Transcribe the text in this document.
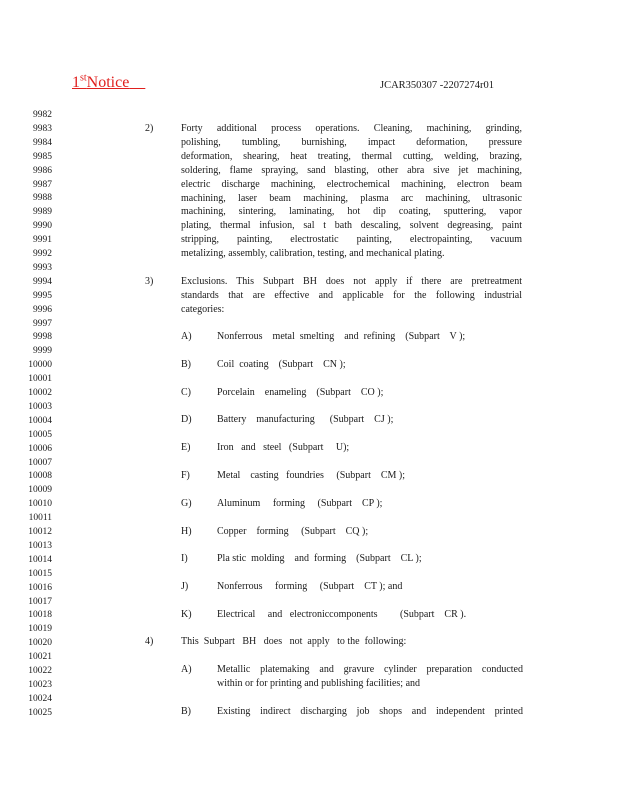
1stNotice	JCAR350307 -2207274r01
9982
9983
9984
9985
9986
9987
9988
9989
9990
9991
9992
9993
9994
9995
9996
9997
9998
9999
10000
10001
10002
10003
10004
10005
10006
10007
10008
10009
10010
10011
10012
10013
10014
10015
10016
10017
10018
10019
10020
10021
10022
10023
10024
10025
2)	Forty additional process operations. Cleaning, machining, grinding,
polishing, tumbling, burnishing, impact deformation, pressure
deformation, shearing, heat treating, thermal cutting, welding, brazing,
soldering, flame spraying, sand blasting, other abra sive jet machining,
electric discharge machining, electrochemical machining, electron beam
machining, laser beam machining, plasma arc machining, ultrasonic
machining, sintering, laminating, hot dip coating, sputtering, vapor
plating, thermal infusion, sal t bath descaling, solvent degreasing, paint
stripping, painting, electrostatic painting, electropainting, vacuum
metalizing, assembly, calibration, testing, and mechanical plating.
3)	Exclusions. This Subpart BH does not apply if there are pretreatment
standards that are effective and applicable for the following industrial
categories:
A)	Nonferrous    metal  smelting    and  refining    (Subpart    V );
B)	Coil  coating    (Subpart    CN );
C)	Porcelain    enameling    (Subpart    CO );
D)	Battery    manufacturing      (Subpart    CJ );
E)	Iron   and   steel   (Subpart     U);
F)	Metal    casting   foundries     (Subpart    CM );
G)	Aluminum     forming     (Subpart    CP );
H)	Copper    forming     (Subpart    CQ );
I)	Pla stic  molding    and  forming    (Subpart    CL );
J)	Nonferrous     forming     (Subpart    CT ); and
K)	Electrical     and   electroniccomponents         (Subpart    CR ).
4)	This  Subpart   BH   does   not  apply   to the  following:
A)	Metallic platemaking and gravure cylinder preparation conducted
within or for printing and publishing facilities; and
B)	Existing indirect discharging job shops and independent printed
